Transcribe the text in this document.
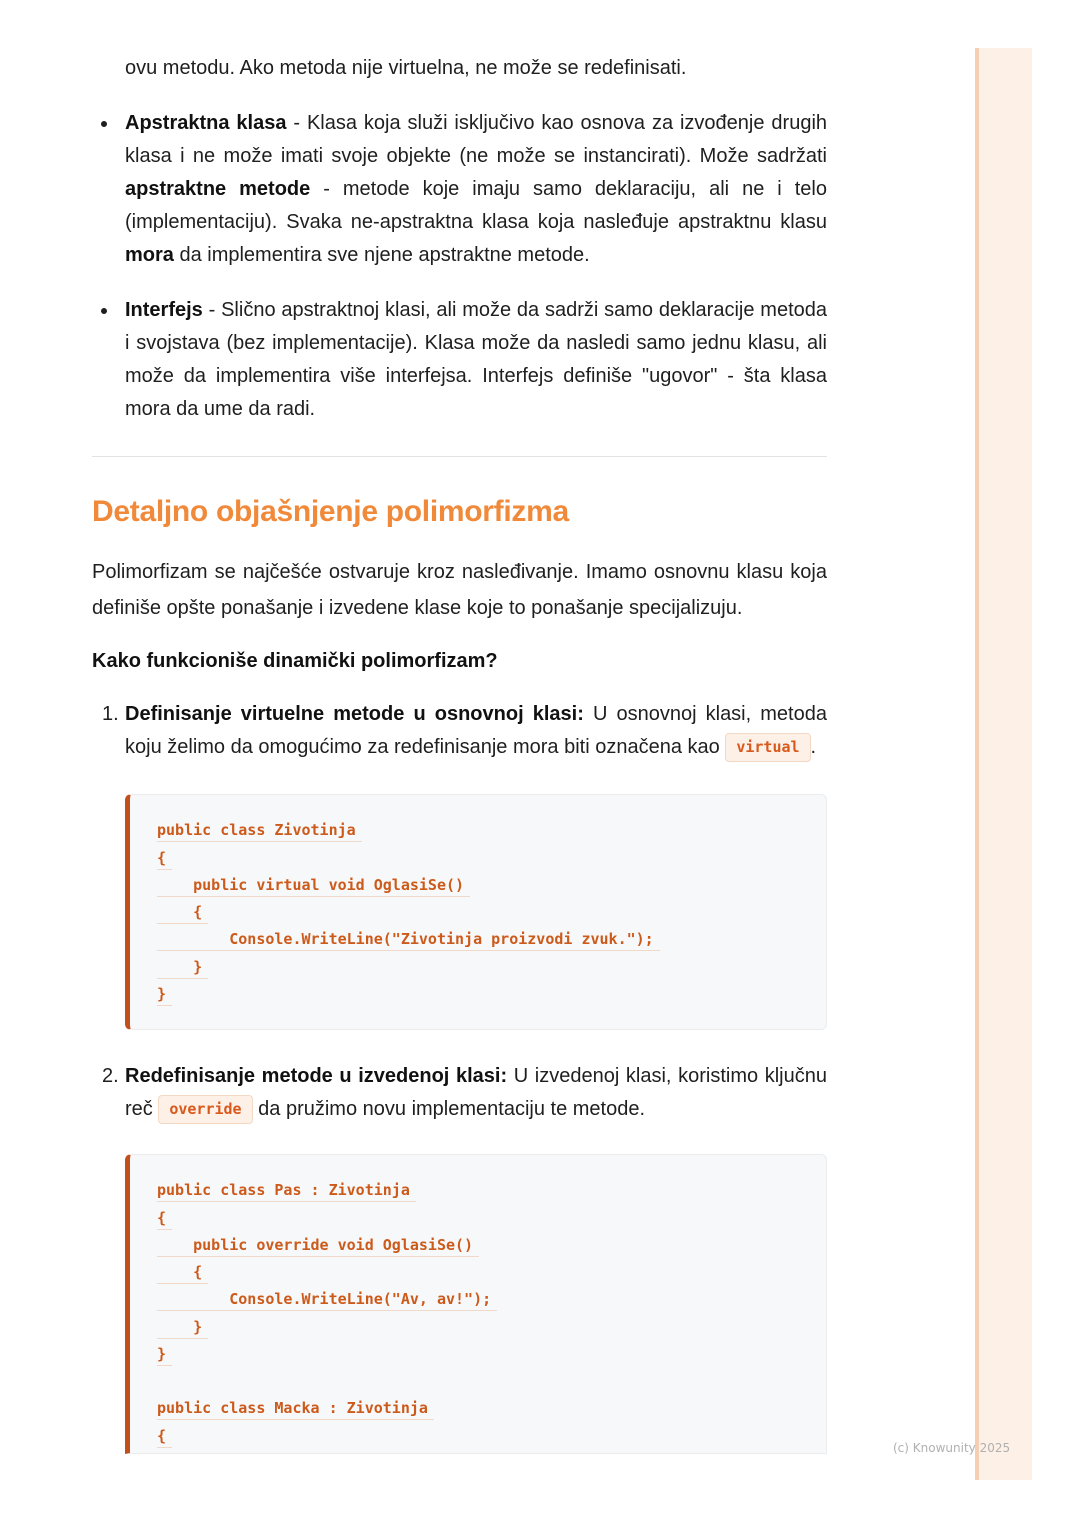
(c) Knowunity 2025

ovu metodu. Ako metoda nije virtuelna, ne može se redefinisati.

Apstraktna klasa - Klasa koja služi isključivo kao osnova za izvođenje drugih klasa i ne može imati svoje objekte (ne može se instancirati). Može sadržati apstraktne metode - metode koje imaju samo deklaraciju, ali ne i telo (implementaciju). Svaka ne-apstraktna klasa koja nasleđuje apstraktnu klasu mora da implementira sve njene apstraktne metode.

Interfejs - Slično apstraktnoj klasi, ali može da sadrži samo deklaracije metoda i svojstava (bez implementacije). Klasa može da nasledi samo jednu klasu, ali može da implementira više interfejsa. Interfejs definiše "ugovor" - šta klasa mora da ume da radi.

Detaljno objašnjenje polimorfizma

Polimorfizam se najčešće ostvaruje kroz nasleđivanje. Imamo osnovnu klasu koja definiše opšte ponašanje i izvedene klase koje to ponašanje specijalizuju.

Kako funkcioniše dinamički polimorfizam?
1. Definisanje virtuelne metode u osnovnoj klasi: U osnovnoj klasi, metoda koju želimo da omogućimo za redefinisanje mora biti označena kao virtual .

public class Zivotinja
{
public virtual void OglasiSe()
{
Console.WriteLine("Zivotinja proizvodi zvuk.");
}
}
2. Redefinisanje metode u izvedenoj klasi: U izvedenoj klasi, koristimo ključnu reč override da pružimo novu implementaciju te metode.

public class Pas : Zivotinja
{
public override void OglasiSe()
{
Console.WriteLine("Av, av!");
}
}
public class Macka : Zivotinja
{
